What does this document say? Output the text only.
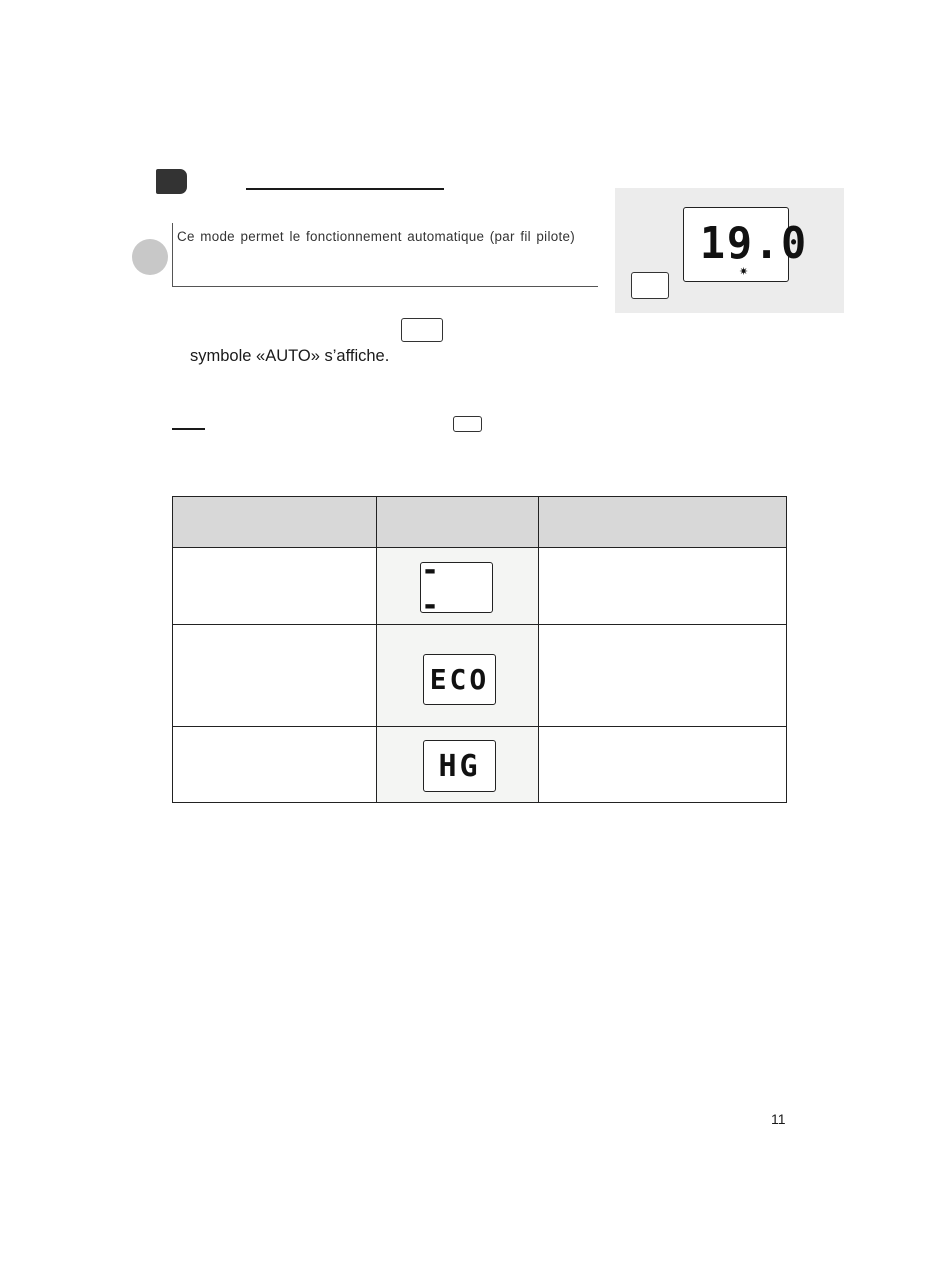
Ce mode permet le fonctionnement automatique (par fil pilote)	19.0
✷
symbole «AUTO» s’affiche.

- -	

ECO	

HG	

11
